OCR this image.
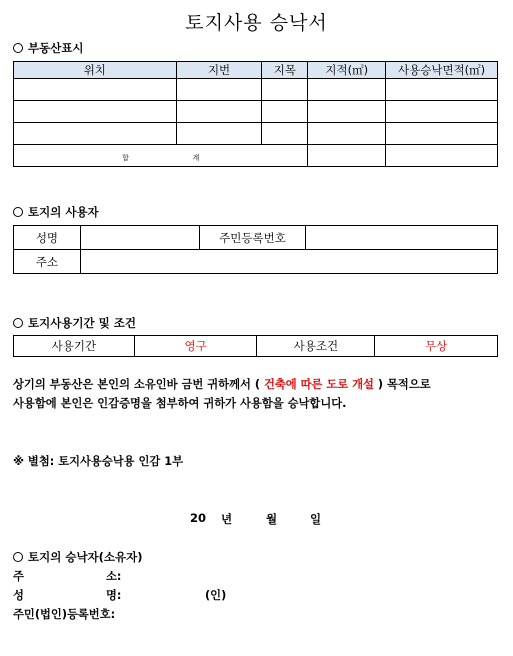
토지사용 승낙서
부동산표시
위치	지번	지목	지적(㎡)	사용승낙면적(㎡)

합 계				
토지의 사용자
성명		주민등록번호	
주소			
토지사용기간 및 조건
사용기간	영구	사용조건	무상
상기의 부동산은 본인의 소유인바 금번 귀하께서 ( 건축에 따른 도로 개설 ) 목적으로
사용함에 본인은 인감증명을 첨부하여 귀하가 사용함을 승낙합니다.
※ 별첨: 토지사용승낙용 인감 1부
20 년	월	일
토지의 승낙자(소유자)
주	소:
성	명:	(인)
주민(법인)등록번호:
